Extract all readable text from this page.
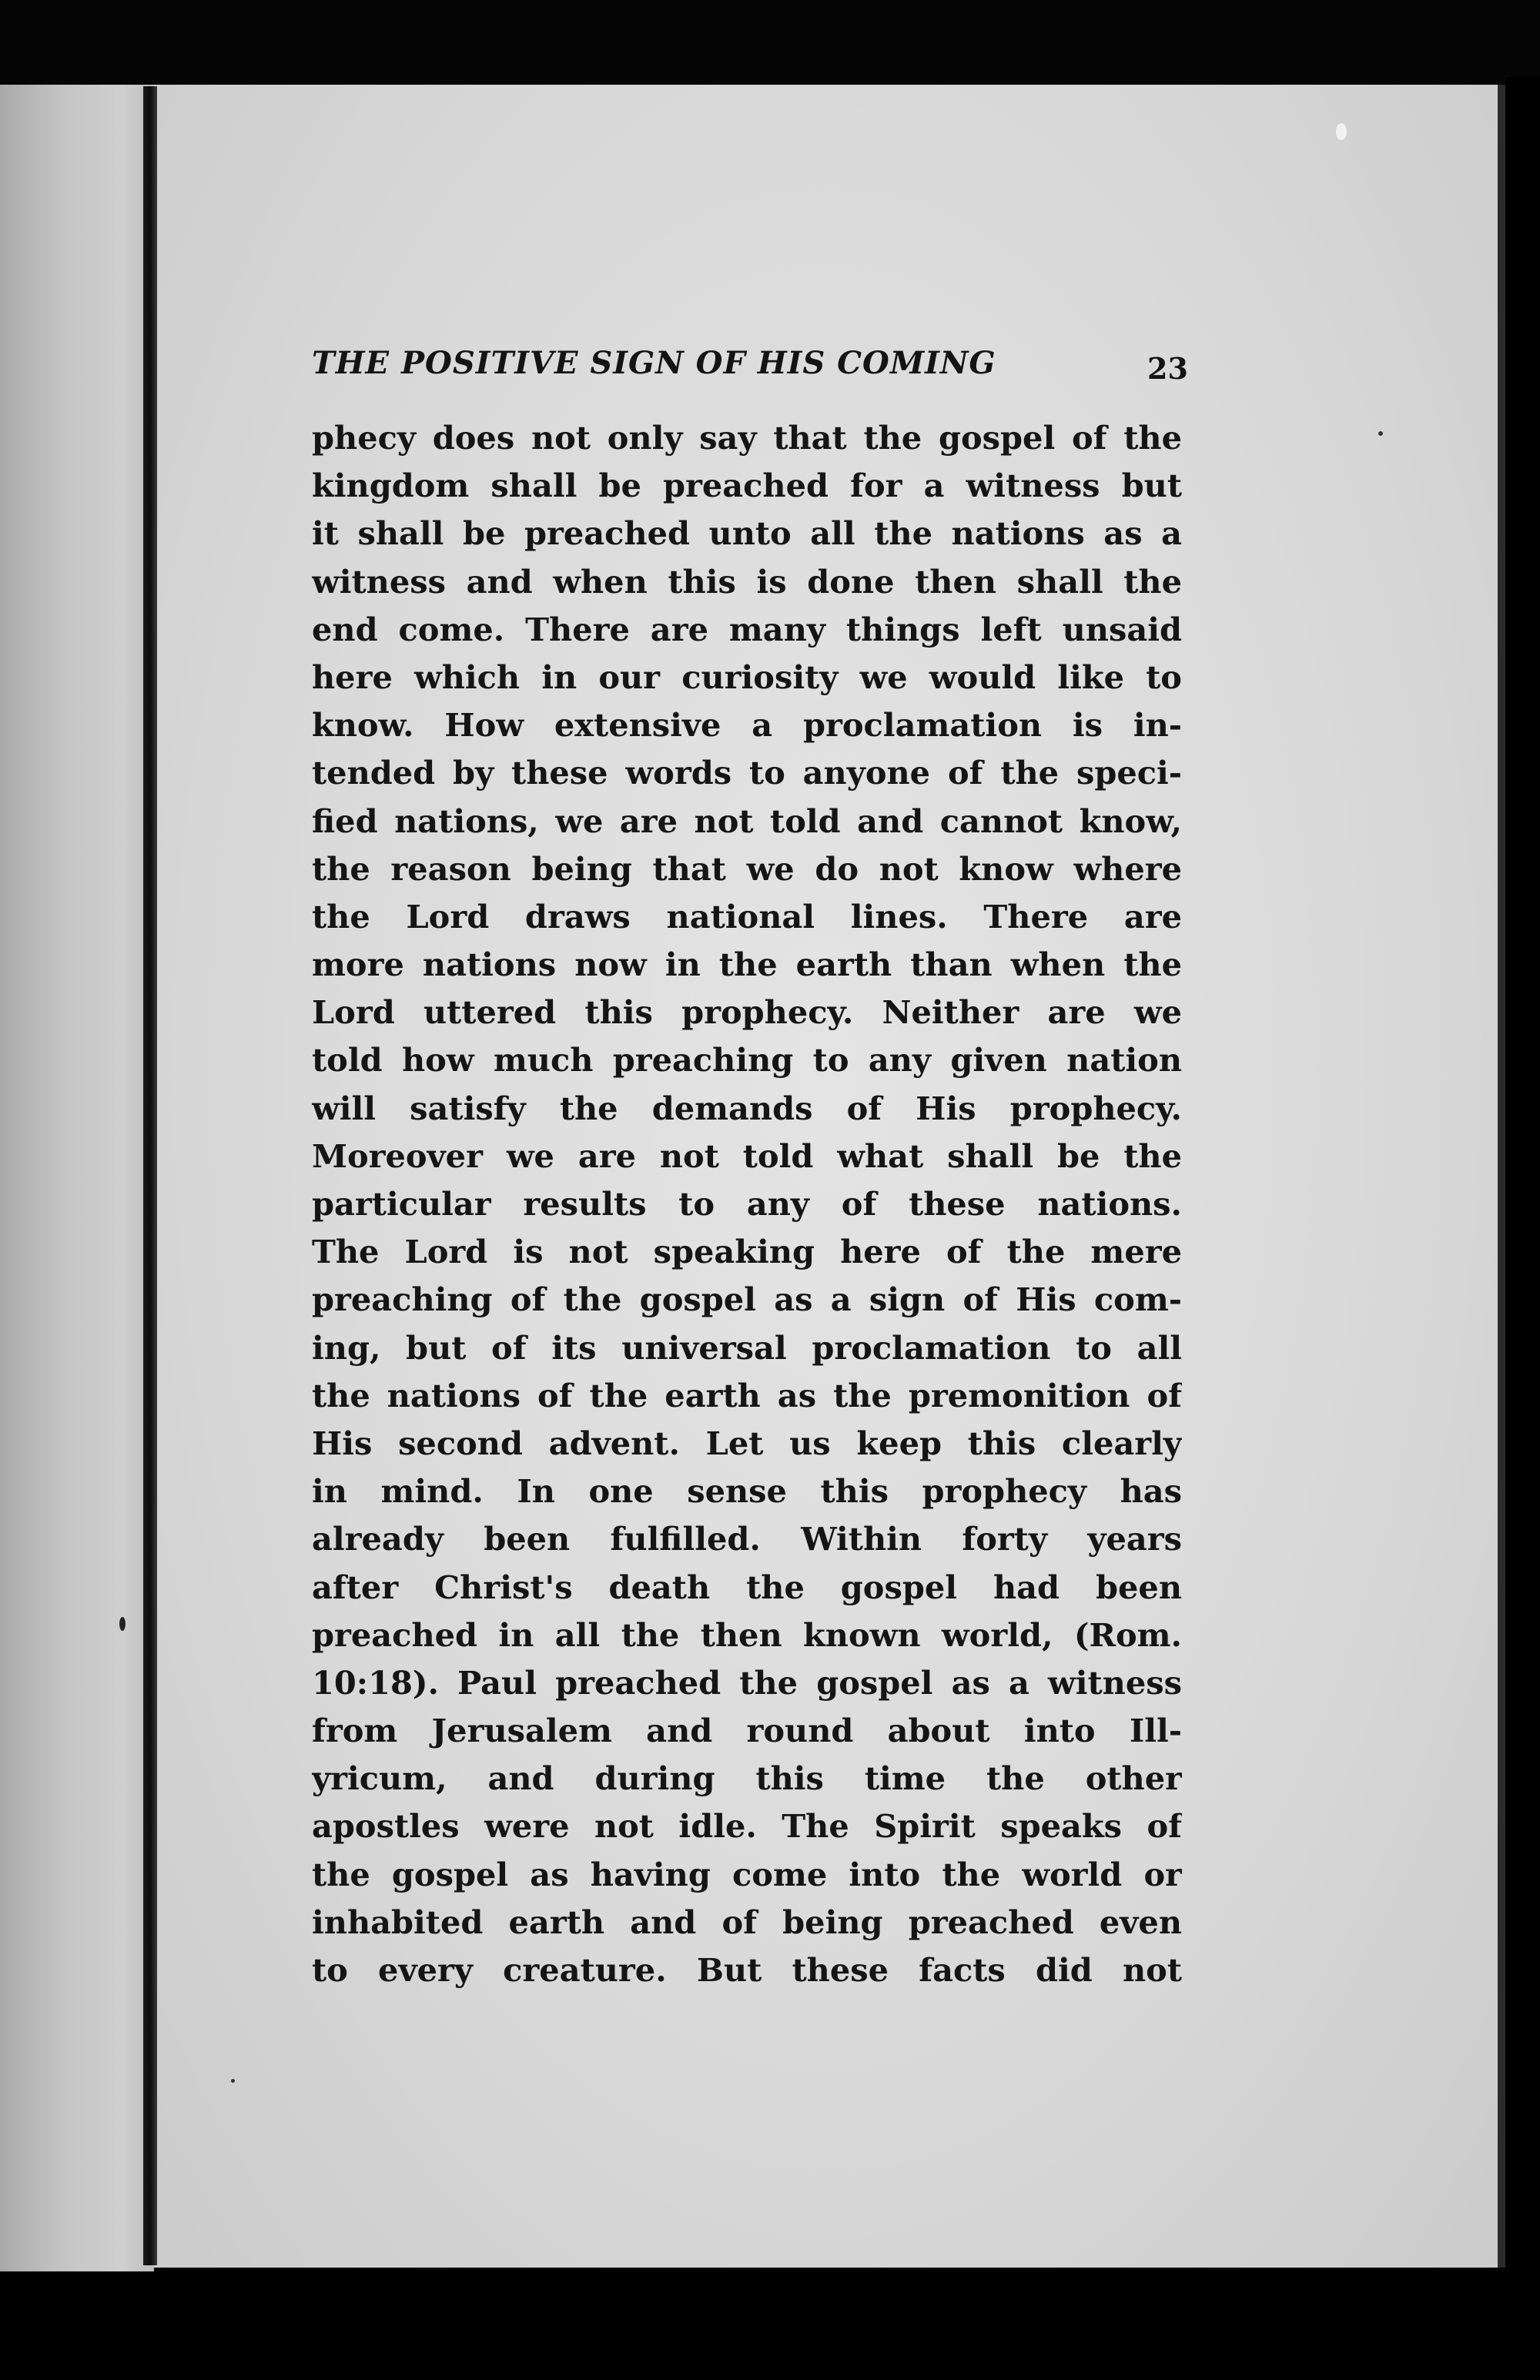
THE POSITIVE SIGN OF HIS COMING	23
phecy does not only say that the gospel of the
kingdom shall be preached for a witness but
it shall be preached unto all the nations as a
witness and when this is done then shall the
end come. There are many things left unsaid
here which in our curiosity we would like to
know. How extensive a proclamation is in-
tended by these words to anyone of the speci-
fied nations, we are not told and cannot know,
the reason being that we do not know where
the Lord draws national lines. There are
more nations now in the earth than when the
Lord uttered this prophecy. Neither are we
told how much preaching to any given nation
will satisfy the demands of His prophecy.
Moreover we are not told what shall be the
particular results to any of these nations.
The Lord is not speaking here of the mere
preaching of the gospel as a sign of His com-
ing, but of its universal proclamation to all
the nations of the earth as the premonition of
His second advent. Let us keep this clearly
in mind. In one sense this prophecy has
already been fulfilled. Within forty years
after Christ's death the gospel had been
preached in all the then known world, (Rom.
10:18). Paul preached the gospel as a witness
from Jerusalem and round about into Ill-
yricum, and during this time the other
apostles were not idle. The Spirit speaks of
the gospel as having come into the world or
inhabited earth and of being preached even
to every creature. But these facts did not
